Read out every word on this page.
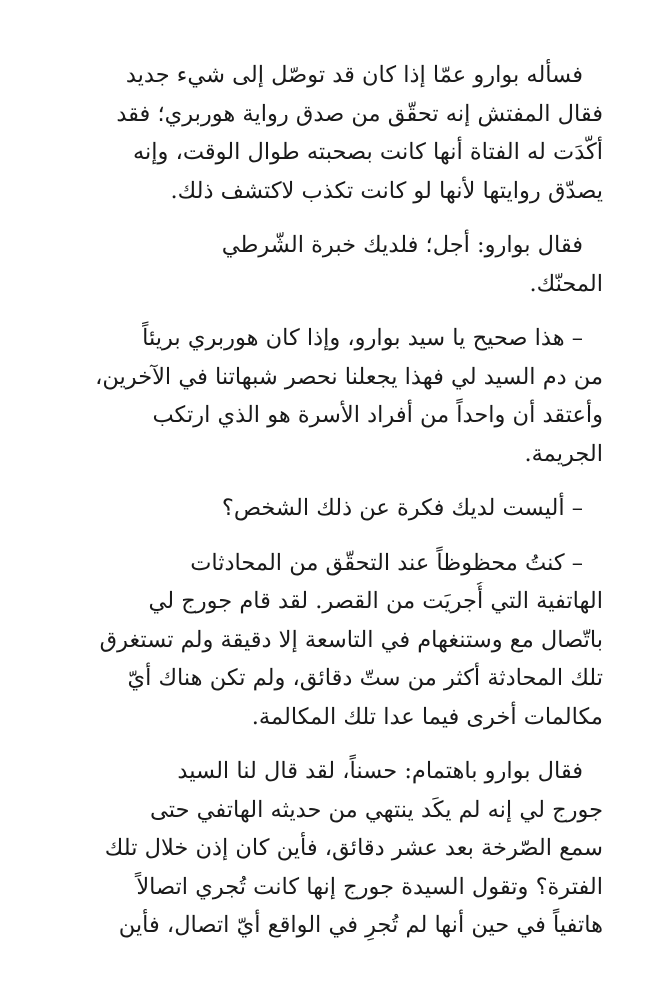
فسأله بوارو عمّا إذا كان قد توصّل إلى شيء جديد
فقال المفتش إنه تحقّق من صدق رواية هوربري؛ فقد
أكّدَت له الفتاة أنها كانت بصحبته طوال الوقت، وإنه
يصدّق روايتها لأنها لو كانت تكذب لاكتشف ذلك.

فقال بوارو: أجل؛ فلديك خبرة الشّرطي
المحنّك.

– هذا صحيح يا سيد بوارو، وإذا كان هوربري بريئاً
من دم السيد لي فهذا يجعلنا نحصر شبهاتنا في الآخرين،
وأعتقد أن واحداً من أفراد الأسرة هو الذي ارتكب
الجريمة.

– أليست لديك فكرة عن ذلك الشخص؟

– كنتُ محظوظاً عند التحقّق من المحادثات
الهاتفية التي أُجريَت من القصر. لقد قام جورج لي
باتّصال مع وستنغهام في التاسعة إلا دقيقة ولم تستغرق
تلك المحادثة أكثر من ستّ دقائق، ولم تكن هناك أيّ
مكالمات أخرى فيما عدا تلك المكالمة.

فقال بوارو باهتمام: حسناً، لقد قال لنا السيد
جورج لي إنه لم يكَد ينتهي من حديثه الهاتفي حتى
سمع الصّرخة بعد عشر دقائق، فأين كان إذن خلال تلك
الفترة؟ وتقول السيدة جورج إنها كانت تُجري اتصالاً
هاتفياً في حين أنها لم تُجرِ في الواقع أيّ اتصال، فأين
